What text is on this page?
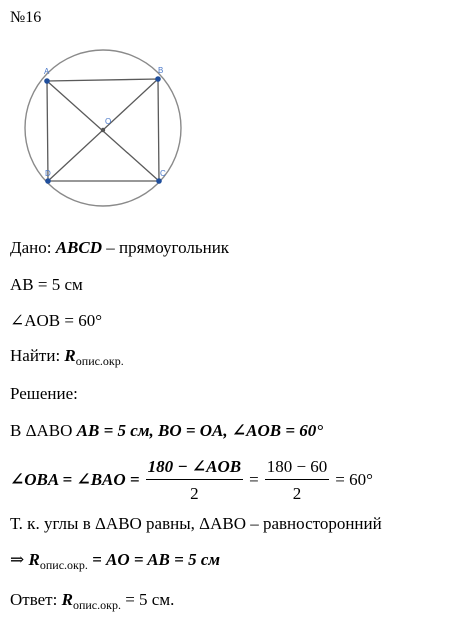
№16
A	B
C
D
O
Дано: ABCD – прямоугольник
AB = 5 см
∠AOB = 60°
Найти: $R_{опис.окр.}$
Решение:
В ΔABO AB = 5 см, BO = OA, ∠AOB = 60°
∠OBA = ∠BAO = $\frac{\text{180 − ∠AOB}}{2} = \frac{180 - 60}{2} = 60^\circ$
Т. к. углы в ΔABO равны, ΔABO – равносторонний
⇒ $R_{опис.окр.}$ = AO = AB = 5 см
Ответ: $R_{опис.окр.} = 5$ см.
